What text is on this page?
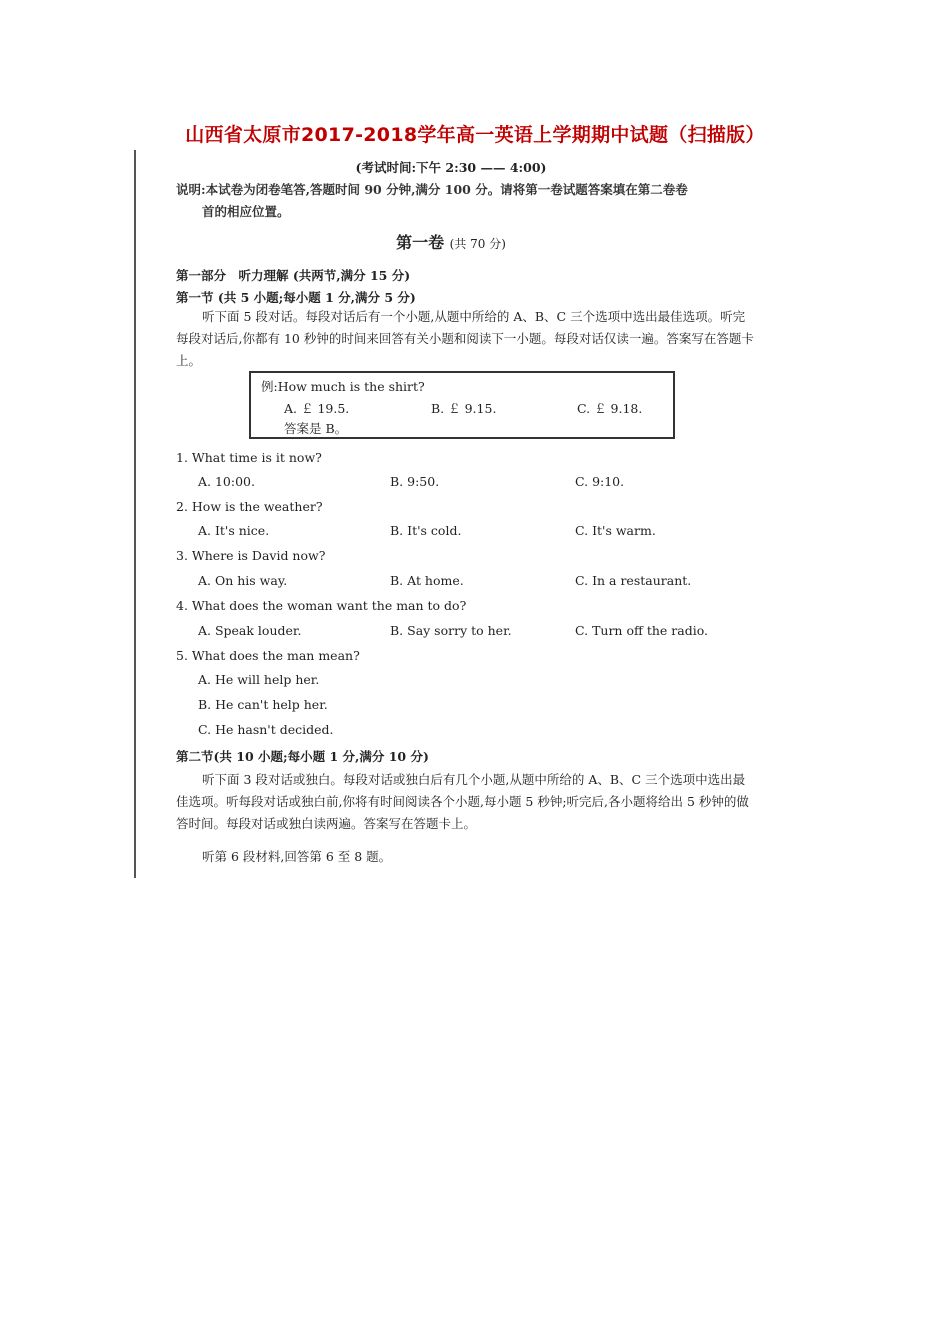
山西省太原市2017-2018学年高一英语上学期期中试题（扫描版）
(考试时间:下午 2:30 —— 4:00)
说明:本试卷为闭卷笔答,答题时间 90 分钟,满分 100 分。请将第一卷试题答案填在第二卷卷
首的相应位置。
第一卷 (共 70 分)
第一部分　听力理解 (共两节,满分 15 分)
第一节 (共 5 小题;每小题 1 分,满分 5 分)
听下面 5 段对话。每段对话后有一个小题,从题中所给的 A、B、C 三个选项中选出最佳选项。听完每段对话后,你都有 10 秒钟的时间来回答有关小题和阅读下一小题。每段对话仅读一遍。答案写在答题卡上。
例:How much is the shirt?
A. ￡ 19.5.	B. ￡ 9.15.	C. ￡ 9.18.
答案是 B。
1. What time is it now?
A. 10:00.	B. 9:50.	C. 9:10.
2. How is the weather?
A. It's nice.	B. It's cold.	C. It's warm.
3. Where is David now?
A. On his way.	B. At home.	C. In a restaurant.
4. What does the woman want the man to do?
A. Speak louder.	B. Say sorry to her.	C. Turn off the radio.
5. What does the man mean?
A. He will help her.
B. He can't help her.
C. He hasn't decided.
第二节(共 10 小题;每小题 1 分,满分 10 分)
听下面 3 段对话或独白。每段对话或独白后有几个小题,从题中所给的 A、B、C 三个选项中选出最佳选项。听每段对话或独白前,你将有时间阅读各个小题,每小题 5 秒钟;听完后,各小题将给出 5 秒钟的做答时间。每段对话或独白读两遍。答案写在答题卡上。
听第 6 段材料,回答第 6 至 8 题。
